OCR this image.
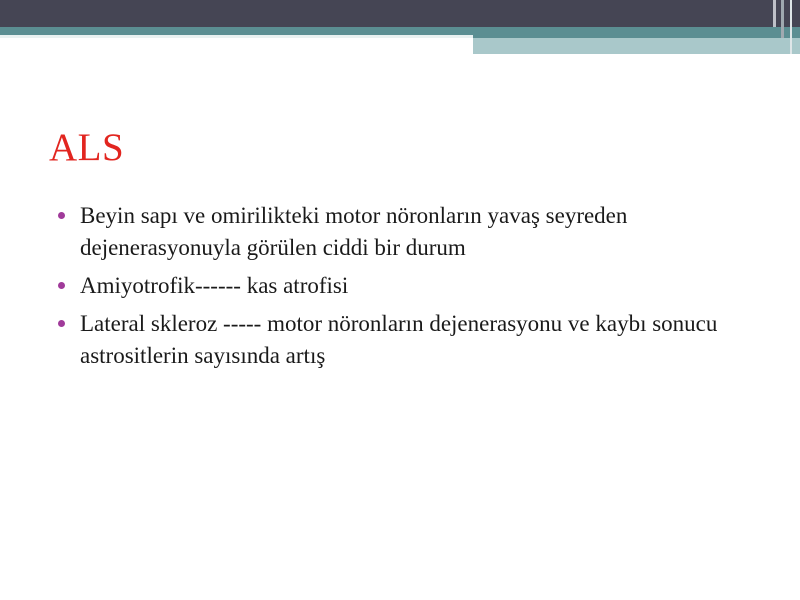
ALS
Beyin sapı ve omirilikteki motor nöronların yavaş seyreden dejenerasyonuyla görülen ciddi bir durum
Amiyotrofik------ kas atrofisi
Lateral skleroz ----- motor nöronların dejenerasyonu ve kaybı sonucu astrositlerin sayısında artış
